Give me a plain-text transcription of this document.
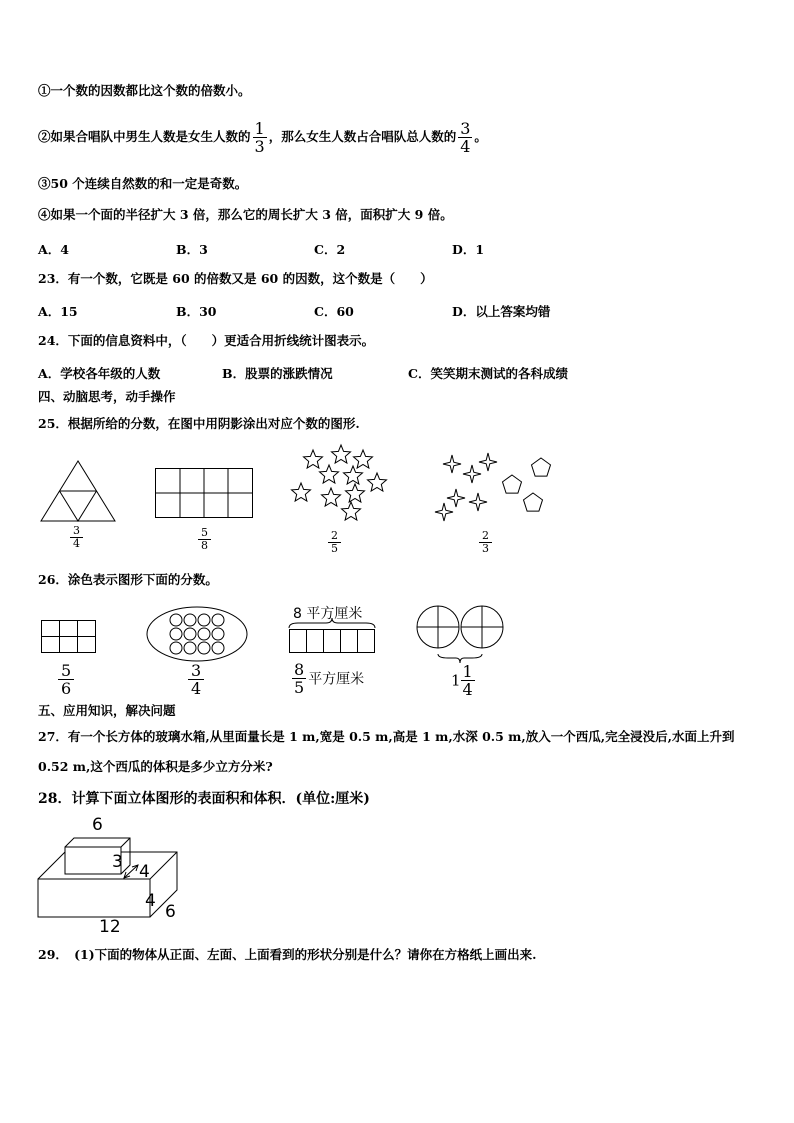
①一个数的因数都比这个数的倍数小。
②如果合唱队中男生人数是女生人数的 $\frac{1}{3}$ ，那么女生人数占合唱队总人数的 $\frac{3}{4}$ 。
③50 个连续自然数的和一定是奇数。
④如果一个面的半径扩大 3 倍，那么它的周长扩大 3 倍，面积扩大 9 倍。
A．4	B．3	C．2	D．1
23．有一个数，它既是 60 的倍数又是 60 的因数，这个数是（　　）
A．15	B．30	C．60	D．以上答案均错
24．下面的信息资料中，（　　）更适合用折线统计图表示。
A．学校各年级的人数	B．股票的涨跌情况	C．笑笑期末测试的各科成绩
四、动脑思考，动手操作
25．根据所给的分数，在图中用阴影涂出对应个数的图形.
3
4
5
8
2
5
2
3
26．涂色表示图形下面的分数。
5
6
3
4
8 平方厘米
$\frac{8}{5}$ 平方厘米	$1 \frac{1}{4}$
五、应用知识，解决问题
27．有一个长方体的玻璃水箱,从里面量长是 1 m,宽是 0.5 m,高是 1 m,水深 0.5 m,放入一个西瓜,完全浸没后,水面上升到
0.52 m,这个西瓜的体积是多少立方分米?
28．计算下面立体图形的表面积和体积．(单位:厘米)
6
3 4
4
6
12
29．　(1)下面的物体从正面、左面、上面看到的形状分别是什么？请你在方格纸上画出来.
